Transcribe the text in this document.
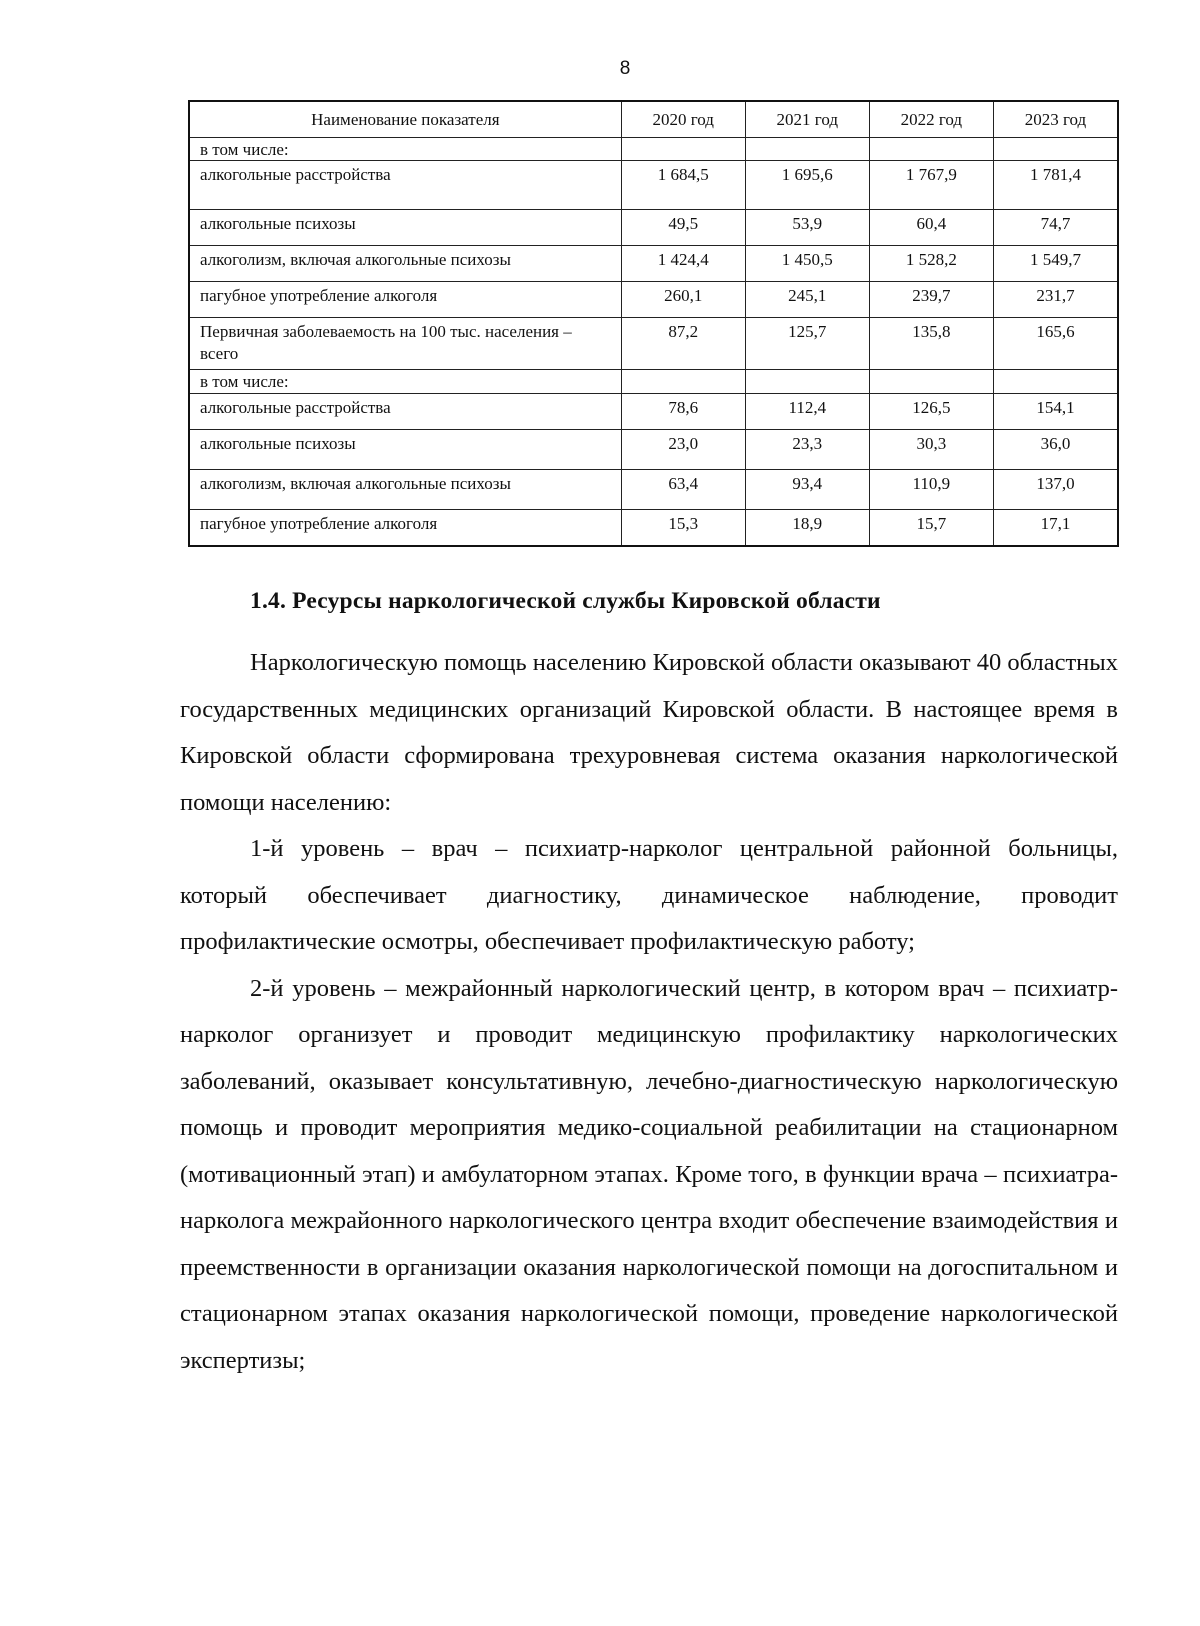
8
Наименование показателя	2020 год	2021 год	2022 год	2023 год
в том числе:				
алкогольные расстройства	1 684,5	1 695,6	1 767,9	1 781,4
алкогольные психозы	49,5	53,9	60,4	74,7
алкоголизм, включая алкогольные психозы	1 424,4	1 450,5	1 528,2	1 549,7
пагубное употребление алкоголя	260,1	245,1	239,7	231,7
Первичная заболеваемость на 100 тыс. населения – всего	87,2	125,7	135,8	165,6
в том числе:				
алкогольные расстройства	78,6	112,4	126,5	154,1
алкогольные психозы	23,0	23,3	30,3	36,0
алкоголизм, включая алкогольные психозы	63,4	93,4	110,9	137,0
пагубное употребление алкоголя	15,3	18,9	15,7	17,1
1.4. Ресурсы наркологической службы Кировской области

Наркологическую помощь населению Кировской области оказывают 40 областных государственных медицинских организаций Кировской области. В настоящее время в Кировской области сформирована трехуровневая система оказания наркологической помощи населению:

1-й уровень – врач – психиатр-нарколог центральной районной больницы, который обеспечивает диагностику, динамическое наблюдение, проводит профилактические осмотры, обеспечивает профилактическую работу;

2-й уровень – межрайонный наркологический центр, в котором врач – психиатр-нарколог организует и проводит медицинскую профилактику наркологических заболеваний, оказывает консультативную, лечебно-диагностическую наркологическую помощь и проводит мероприятия медико-социальной реабилитации на стационарном (мотивационный этап) и амбулаторном этапах. Кроме того, в функции врача – психиатра-нарколога межрайонного наркологического центра входит обеспечение взаимодействия и преемственности в организации оказания наркологической помощи на догоспитальном и стационарном этапах оказания наркологической помощи, проведение наркологической экспертизы;
